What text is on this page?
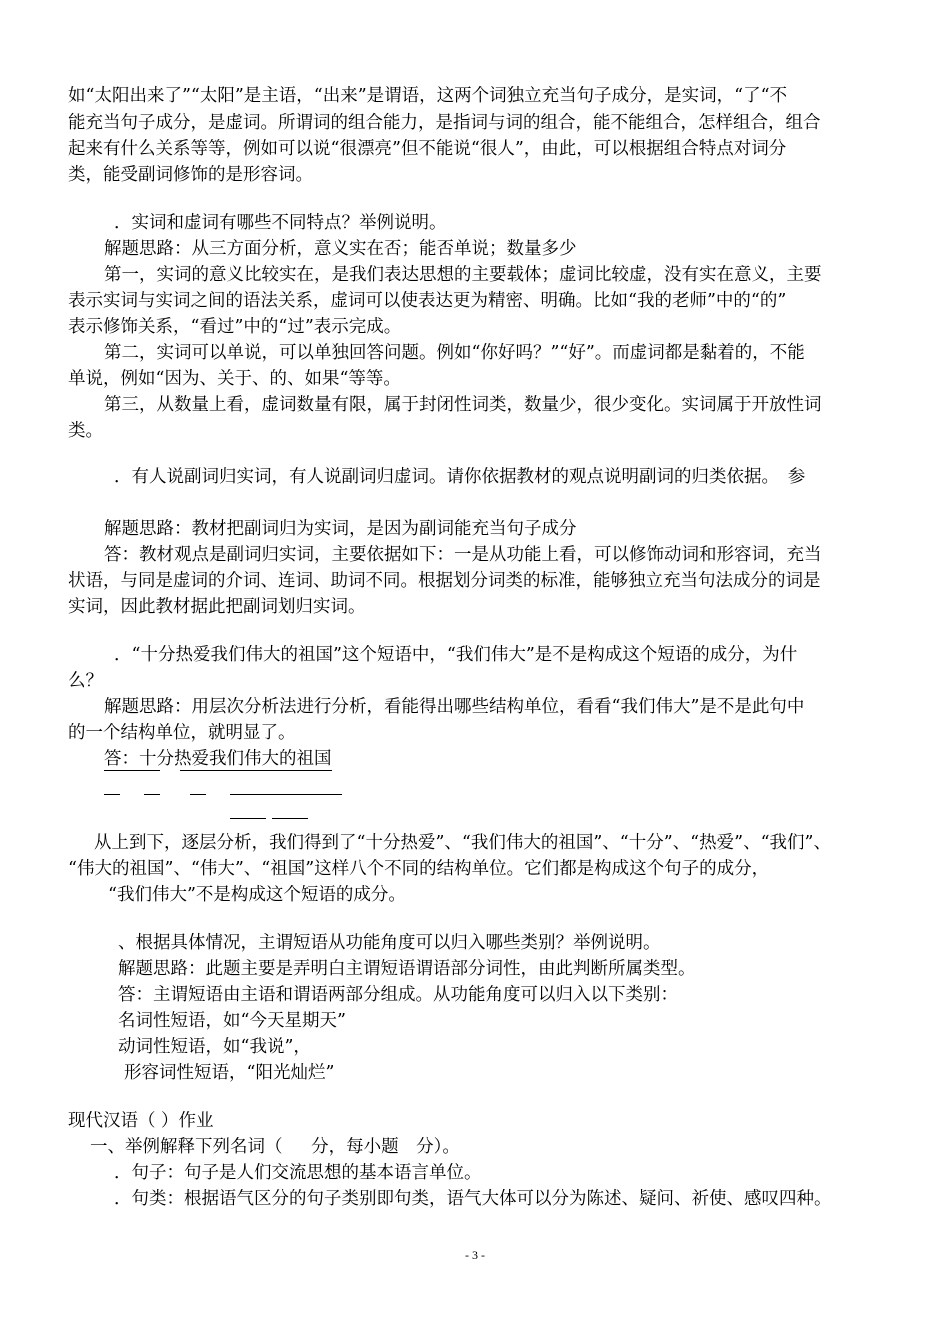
如“太阳出来了”“太阳”是主语，“出来”是谓语，这两个词独立充当句子成分，是实词，“了“不
能充当句子成分，是虚词。所谓词的组合能力，是指词与词的组合，能不能组合，怎样组合，组合
起来有什么关系等等，例如可以说“很漂亮”但不能说“很人”，由此，可以根据组合特点对词分
类，能受副词修饰的是形容词。
．实词和虚词有哪些不同特点？举例说明。
解题思路：从三方面分析，意义实在否；能否单说；数量多少
第一，实词的意义比较实在，是我们表达思想的主要载体；虚词比较虚，没有实在意义，主要
表示实词与实词之间的语法关系，虚词可以使表达更为精密、明确。比如“我的老师”中的“的”
表示修饰关系，“看过”中的“过”表示完成。
第二，实词可以单说，可以单独回答问题。例如“你好吗？”“好”。而虚词都是黏着的，不能
单说，例如“因为、关于、的、如果“等等。
第三，从数量上看，虚词数量有限，属于封闭性词类，数量少，很少变化。实词属于开放性词
类。
．有人说副词归实词，有人说副词归虚词。请你依据教材的观点说明副词的归类依据。　参
解题思路：教材把副词归为实词，是因为副词能充当句子成分
答：教材观点是副词归实词，主要依据如下：一是从功能上看，可以修饰动词和形容词，充当
状语，与同是虚词的介词、连词、助词不同。根据划分词类的标准，能够独立充当句法成分的词是
实词，因此教材据此把副词划归实词。
．“十分热爱我们伟大的祖国”这个短语中，“我们伟大”是不是构成这个短语的成分，为什
么？
解题思路：用层次分析法进行分析，看能得出哪些结构单位，看看“我们伟大”是不是此句中
的一个结构单位，就明显了。
答：十分热爱我们伟大的祖国
从上到下，逐层分析，我们得到了“十分热爱”、“我们伟大的祖国”、“十分”、“热爱”、“我们”、
“伟大的祖国”、“伟大”、“祖国”这样八个不同的结构单位。它们都是构成这个句子的成分，
“我们伟大”不是构成这个短语的成分。
、根据具体情况，主谓短语从功能角度可以归入哪些类别？举例说明。
解题思路：此题主要是弄明白主谓短语谓语部分词性，由此判断所属类型。
答：主谓短语由主语和谓语两部分组成。从功能角度可以归入以下类别：
名词性短语，如“今天星期天”
动词性短语，如“我说”，
形容词性短语，“阳光灿烂”
现代汉语（ ）作业
一、举例解释下列名词（　  分，每小题　分）。
．句子：句子是人们交流思想的基本语言单位。
．句类：根据语气区分的句子类别即句类，语气大体可以分为陈述、疑问、祈使、感叹四种。
- 3 -
